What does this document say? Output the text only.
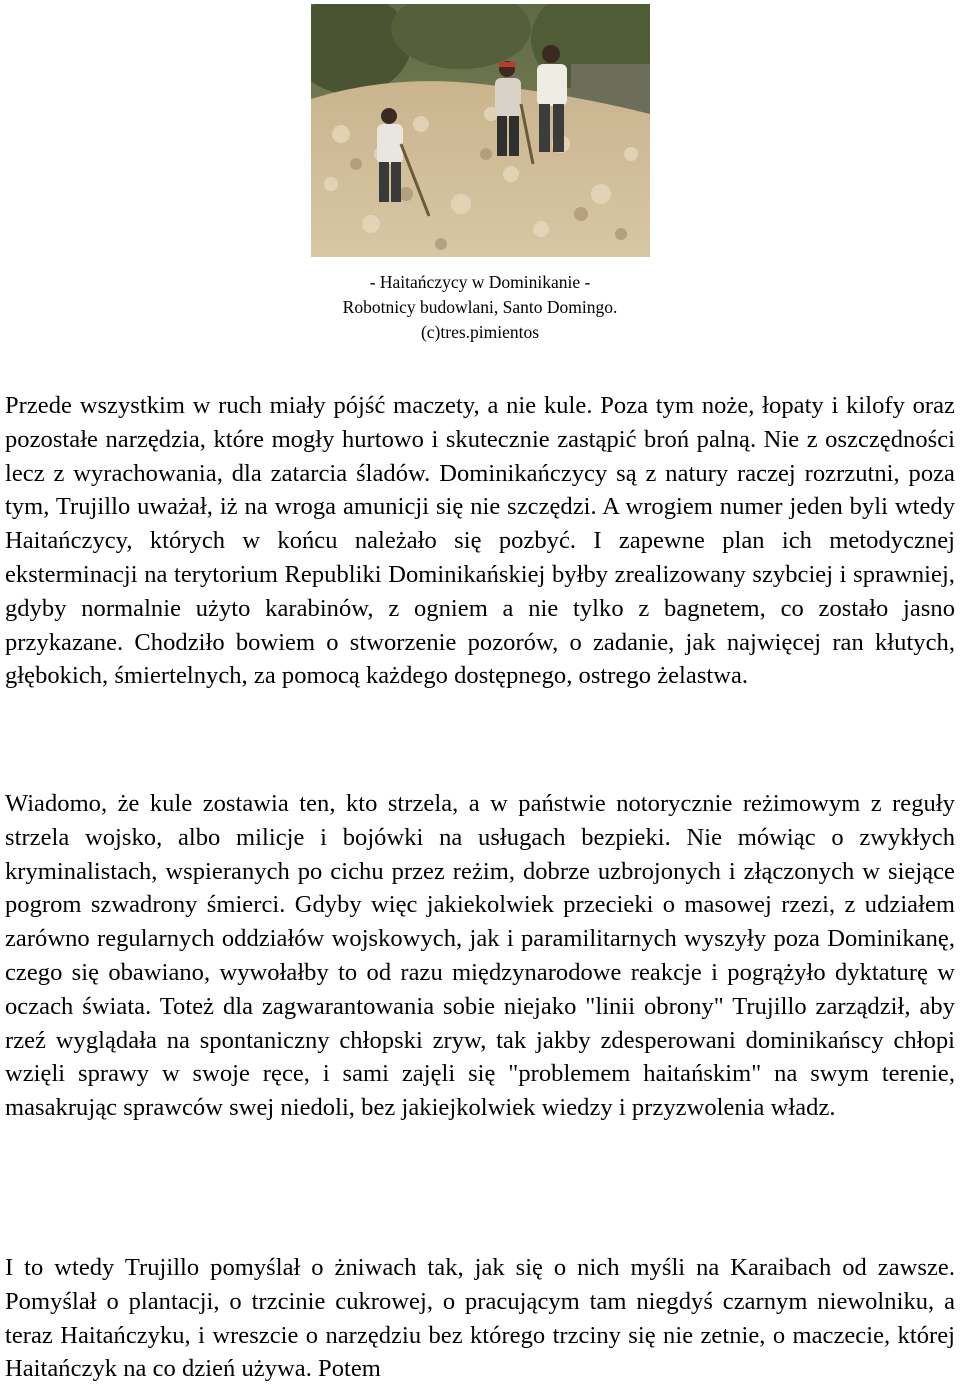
- Haitańczycy w Dominikanie -
Robotnicy budowlani, Santo Domingo.
(c)tres.pimientos

Przede wszystkim w ruch miały pójść maczety, a nie kule. Poza tym noże, łopaty i kilofy oraz pozostałe narzędzia, które mogły hurtowo i skutecznie zastąpić broń palną. Nie z oszczędności lecz z wyrachowania, dla zatarcia śladów. Dominikańczycy są z natury raczej rozrzutni, poza tym, Trujillo uważał, iż na wroga amunicji się nie szczędzi. A wrogiem numer jeden byli wtedy Haitańczycy, których w końcu należało się pozbyć. I zapewne plan ich metodycznej eksterminacji na terytorium Republiki Dominikańskiej byłby zrealizowany szybciej i sprawniej, gdyby normalnie użyto karabinów, z ogniem a nie tylko z bagnetem, co zostało jasno przykazane. Chodziło bowiem o stworzenie pozorów, o zadanie, jak najwięcej ran kłutych, głębokich, śmiertelnych, za pomocą każdego dostępnego, ostrego żelastwa.

Wiadomo, że kule zostawia ten, kto strzela, a w państwie notorycznie reżimowym z reguły strzela wojsko, albo milicje i bojówki na usługach bezpieki. Nie mówiąc o zwykłych kryminalistach, wspieranych po cichu przez reżim, dobrze uzbrojonych i złączonych w siejące pogrom szwadrony śmierci. Gdyby więc jakiekolwiek przecieki o masowej rzezi, z udziałem zarówno regularnych oddziałów wojskowych, jak i paramilitarnych wyszyły poza Dominikanę, czego się obawiano, wywołałby to od razu międzynarodowe reakcje i pogrążyło dyktaturę w oczach świata. Toteż dla zagwarantowania sobie niejako "linii obrony" Trujillo zarządził, aby rzeź wyglądała na spontaniczny chłopski zryw, tak jakby zdesperowani dominikańscy chłopi wzięli sprawy w swoje ręce, i sami zajęli się "problemem haitańskim" na swym terenie, masakrując sprawców swej niedoli, bez jakiejkolwiek wiedzy i przyzwolenia władz.

I to wtedy Trujillo pomyślał o żniwach tak, jak się o nich myśli na Karaibach od zawsze. Pomyślał o plantacji, o trzcinie cukrowej, o pracującym tam niegdyś czarnym niewolniku, a teraz Haitańczyku, i wreszcie o narzędziu bez którego trzciny się nie zetnie, o maczecie, której Haitańczyk na co dzień używa. Potem
